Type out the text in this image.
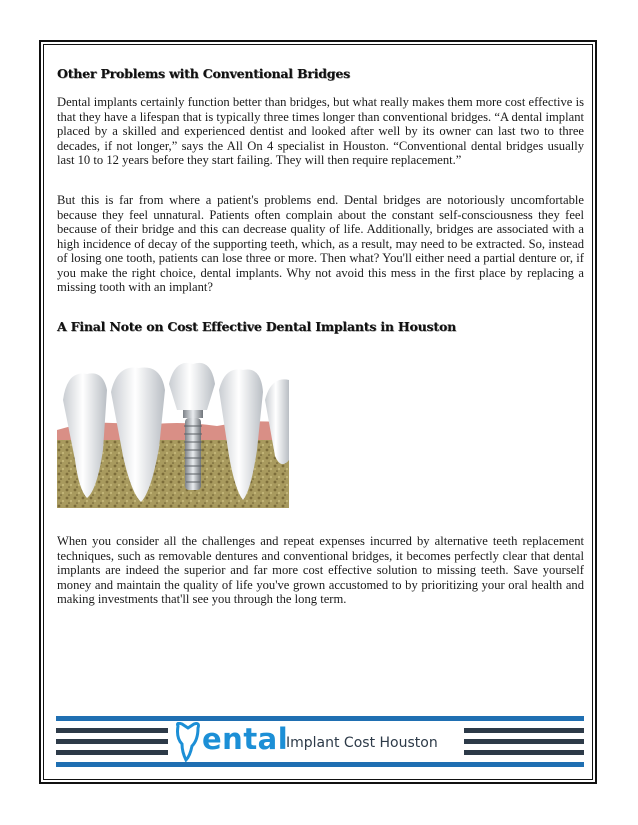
Other Problems with Conventional Bridges

Dental implants certainly function better than bridges, but what really makes them more cost effective is that they have a lifespan that is typically three times longer than conventional bridges. “A dental implant placed by a skilled and experienced dentist and looked after well by its owner can last two to three decades, if not longer,” says the All On 4 specialist in Houston. “Conventional dental bridges usually last 10 to 12 years before they start failing. They will then require replacement.”

But this is far from where a patient's problems end. Dental bridges are notoriously uncomfortable because they feel unnatural. Patients often complain about the constant self-consciousness they feel because of their bridge and this can decrease quality of life. Additionally, bridges are associated with a high incidence of decay of the supporting teeth, which, as a result, may need to be extracted. So, instead of losing one tooth, patients can lose three or more. Then what? You'll either need a partial denture or, if you make the right choice, dental implants. Why not avoid this mess in the first place by replacing a missing tooth with an implant?

A Final Note on Cost Effective Dental Implants in Houston

When you consider all the challenges and repeat expenses incurred by alternative teeth replacement techniques, such as removable dentures and conventional bridges, it becomes perfectly clear that dental implants are indeed the superior and far more cost effective solution to missing teeth. Save yourself money and maintain the quality of life you've grown accustomed to by prioritizing your oral health and making investments that'll see you through the long term.

ental
Implant Cost Houston
